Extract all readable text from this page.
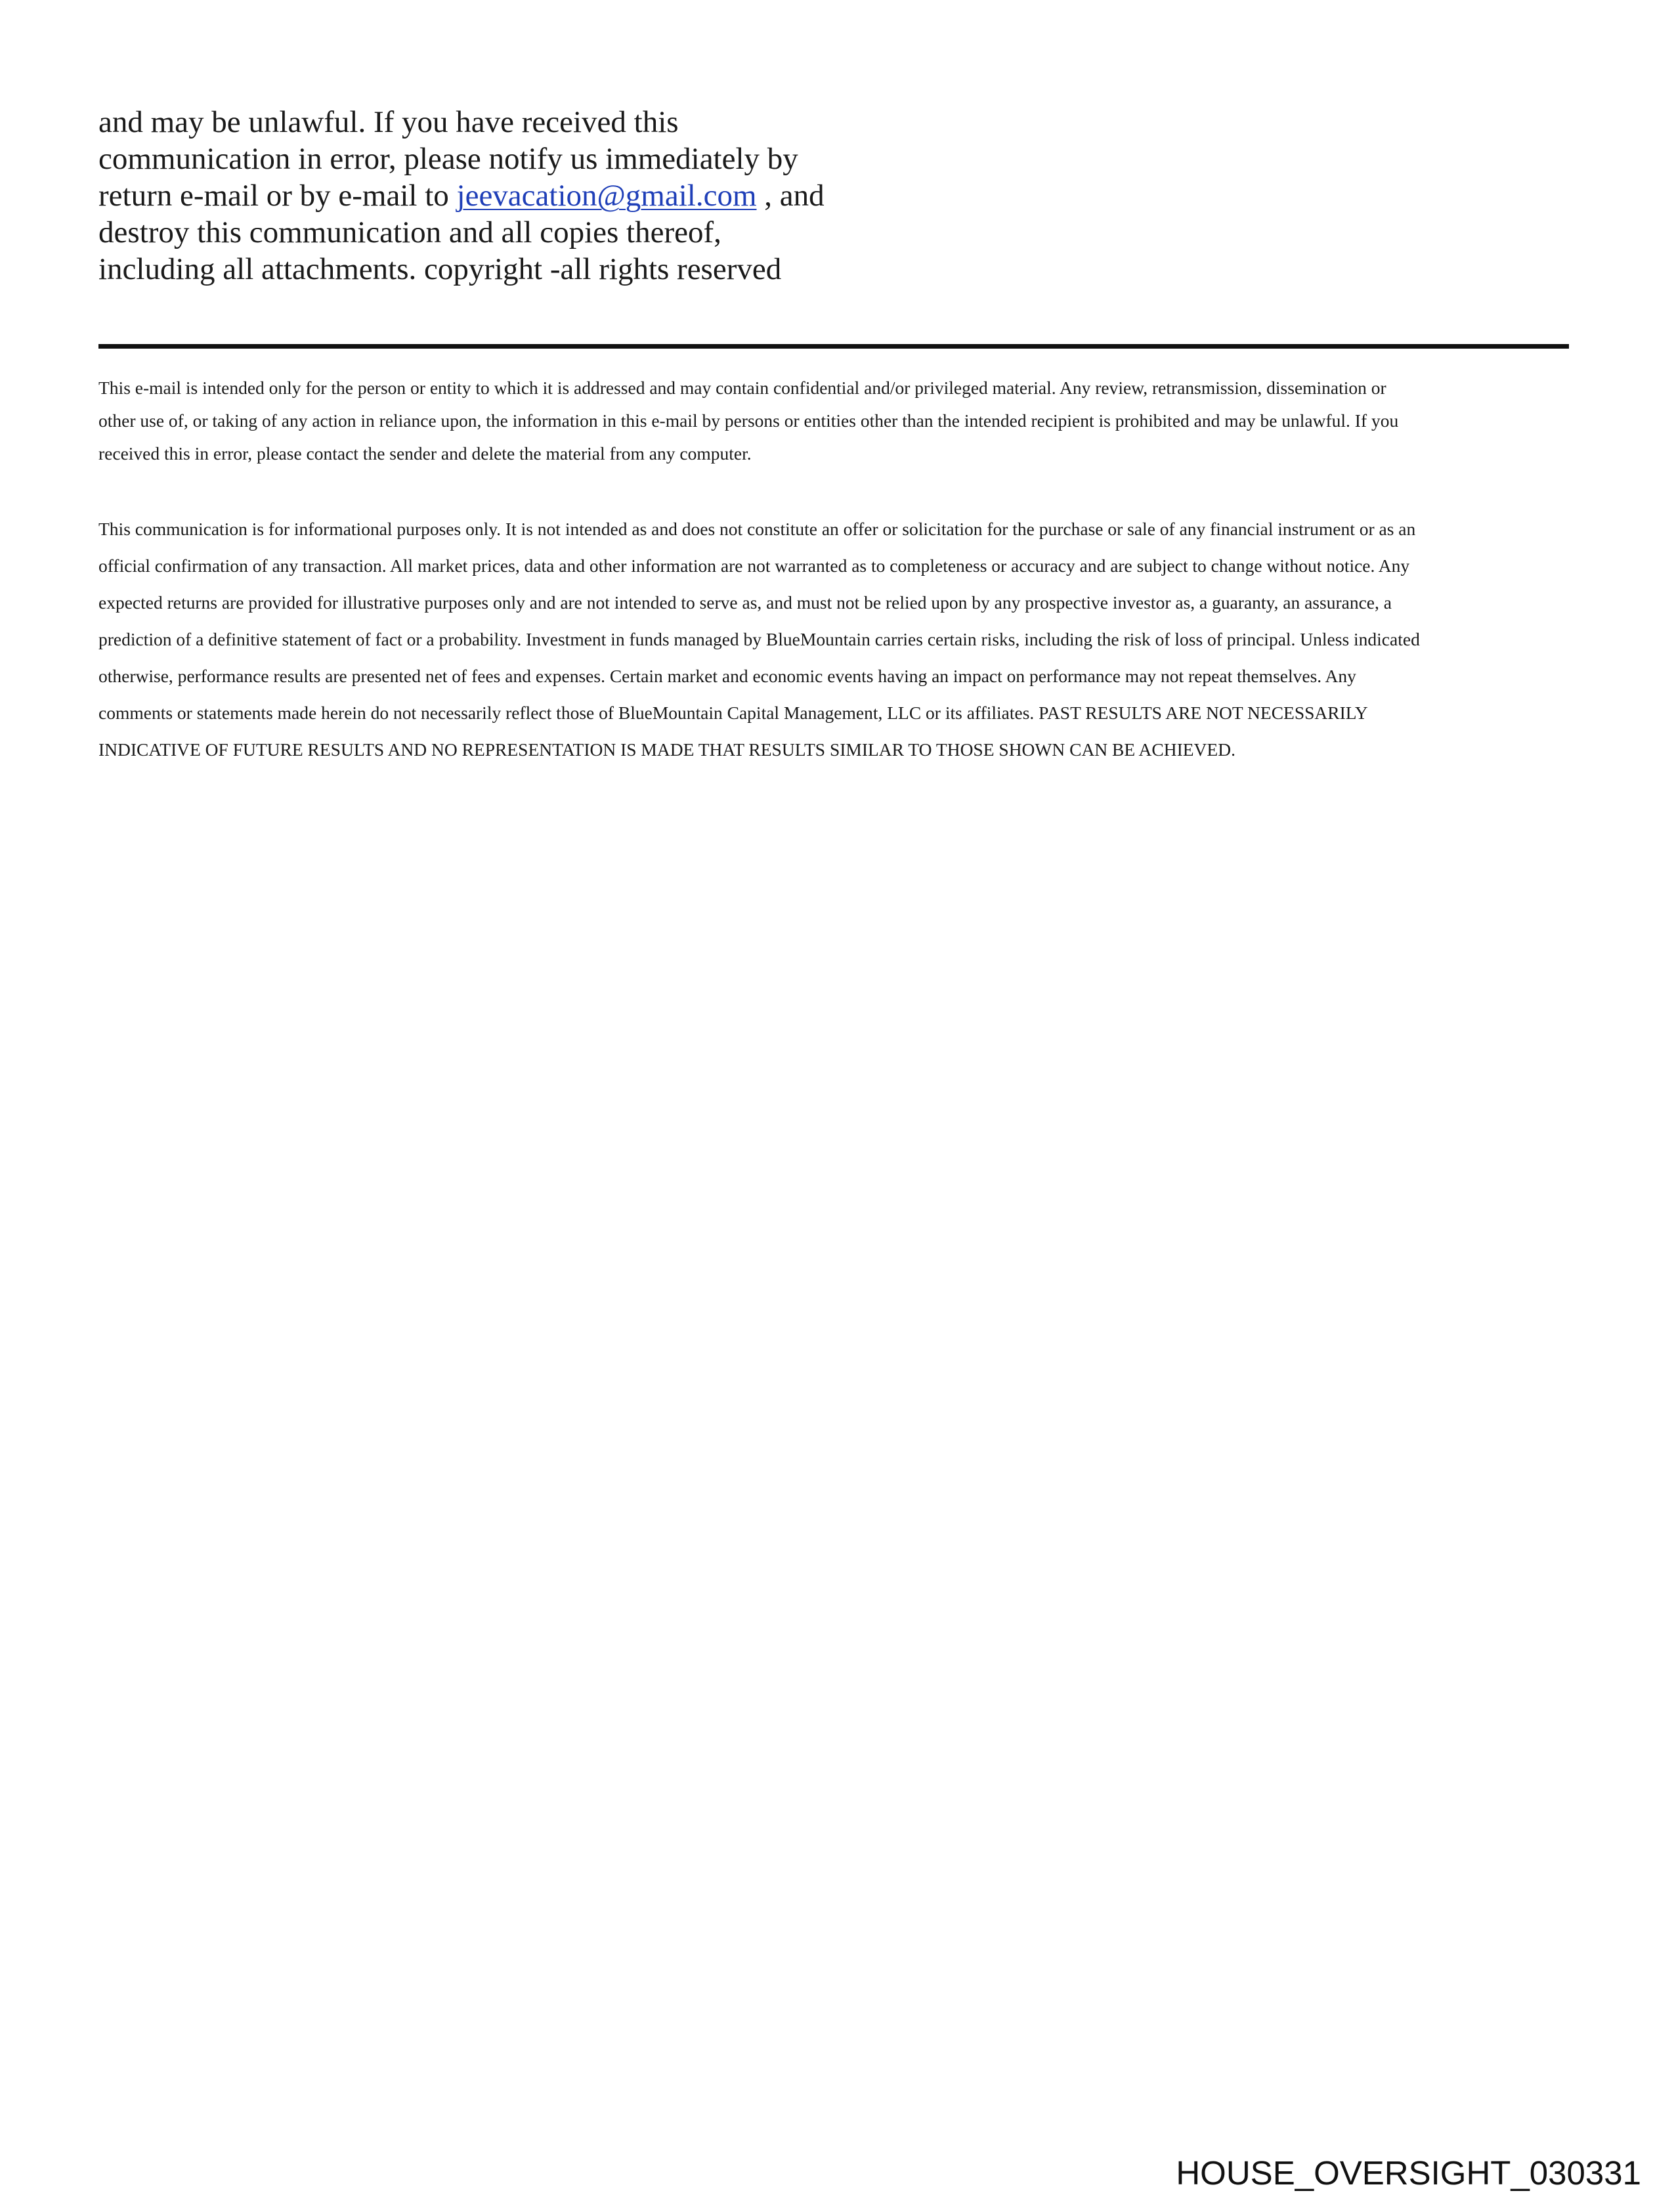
and may be unlawful. If you have received this
communication in error, please notify us immediately by
return e-mail or by e-mail to jeevacation@gmail.com , and
destroy this communication and all copies thereof,
including all attachments. copyright -all rights reserved
This e-mail is intended only for the person or entity to which it is addressed and may contain confidential and/or privileged material. Any review, retransmission, dissemination or
other use of, or taking of any action in reliance upon, the information in this e-mail by persons or entities other than the intended recipient is prohibited and may be unlawful. If you
received this in error, please contact the sender and delete the material from any computer.
This communication is for informational purposes only. It is not intended as and does not constitute an offer or solicitation for the purchase or sale of any financial instrument or as an
official confirmation of any transaction. All market prices, data and other information are not warranted as to completeness or accuracy and are subject to change without notice. Any
expected returns are provided for illustrative purposes only and are not intended to serve as, and must not be relied upon by any prospective investor as, a guaranty, an assurance, a
prediction of a definitive statement of fact or a probability. Investment in funds managed by BlueMountain carries certain risks, including the risk of loss of principal. Unless indicated
otherwise, performance results are presented net of fees and expenses. Certain market and economic events having an impact on performance may not repeat themselves. Any
comments or statements made herein do not necessarily reflect those of BlueMountain Capital Management, LLC or its affiliates. PAST RESULTS ARE NOT NECESSARILY
INDICATIVE OF FUTURE RESULTS AND NO REPRESENTATION IS MADE THAT RESULTS SIMILAR TO THOSE SHOWN CAN BE ACHIEVED.
HOUSE_OVERSIGHT_030331
